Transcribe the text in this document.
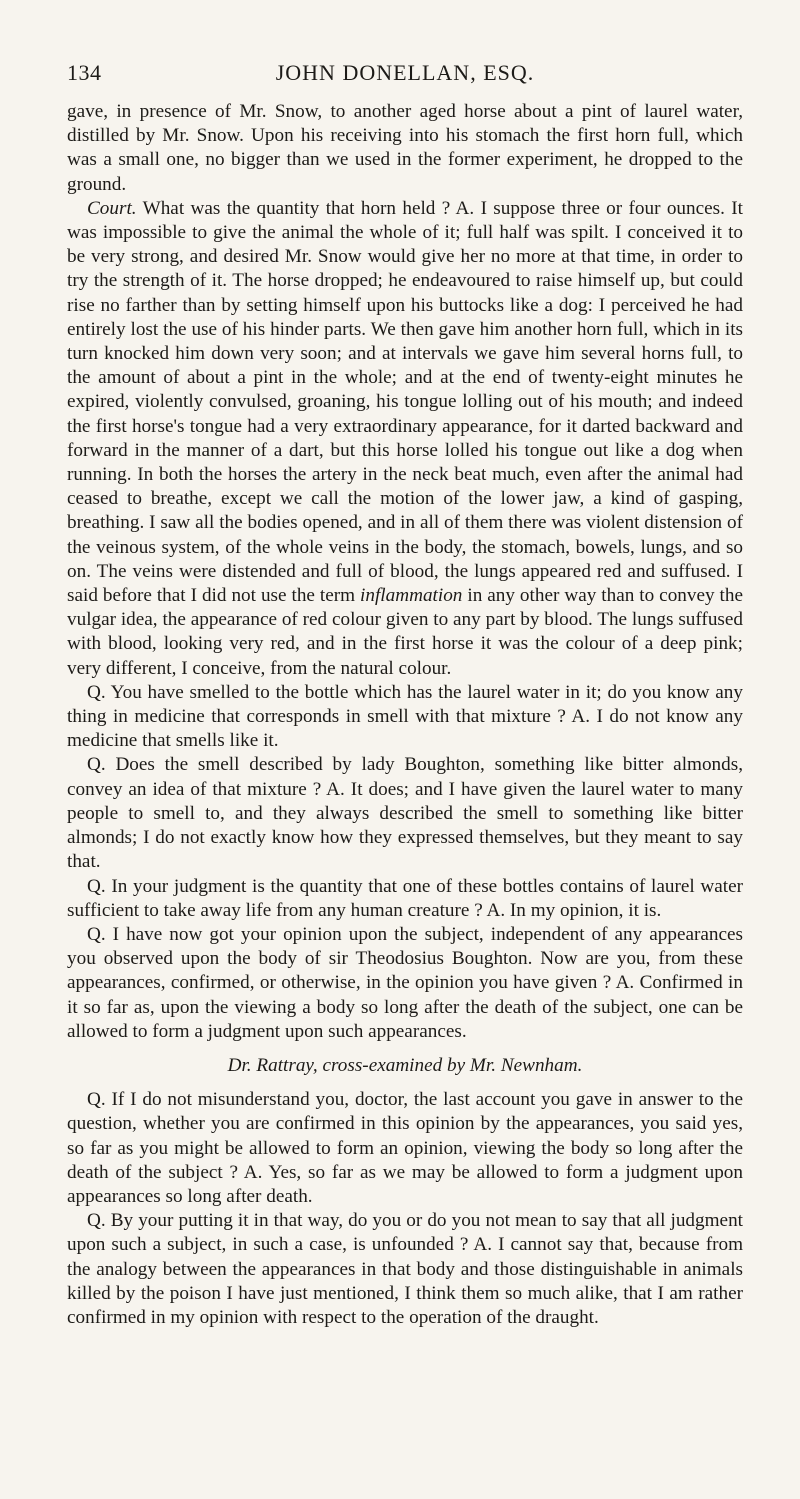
134	JOHN DONELLAN, ESQ.

gave, in presence of Mr. Snow, to another aged horse about a pint of laurel water, distilled by Mr. Snow. Upon his receiving into his stomach the first horn full, which was a small one, no bigger than we used in the former experiment, he dropped to the ground.

Court. What was the quantity that horn held ? A. I suppose three or four ounces. It was impossible to give the animal the whole of it; full half was spilt. I conceived it to be very strong, and desired Mr. Snow would give her no more at that time, in order to try the strength of it. The horse dropped; he endeavoured to raise himself up, but could rise no farther than by setting himself upon his buttocks like a dog: I perceived he had entirely lost the use of his hinder parts. We then gave him another horn full, which in its turn knocked him down very soon; and at intervals we gave him several horns full, to the amount of about a pint in the whole; and at the end of twenty-eight minutes he expired, violently convulsed, groaning, his tongue lolling out of his mouth; and indeed the first horse's tongue had a very extraordinary appearance, for it darted backward and forward in the manner of a dart, but this horse lolled his tongue out like a dog when running. In both the horses the artery in the neck beat much, even after the animal had ceased to breathe, except we call the motion of the lower jaw, a kind of gasping, breathing. I saw all the bodies opened, and in all of them there was violent distension of the veinous system, of the whole veins in the body, the stomach, bowels, lungs, and so on. The veins were distended and full of blood, the lungs appeared red and suffused. I said before that I did not use the term inflammation in any other way than to convey the vulgar idea, the appearance of red colour given to any part by blood. The lungs suffused with blood, looking very red, and in the first horse it was the colour of a deep pink; very different, I conceive, from the natural colour.

Q. You have smelled to the bottle which has the laurel water in it; do you know any thing in medicine that corresponds in smell with that mixture ? A. I do not know any medicine that smells like it.

Q. Does the smell described by lady Boughton, something like bitter almonds, convey an idea of that mixture ? A. It does; and I have given the laurel water to many people to smell to, and they always described the smell to something like bitter almonds; I do not exactly know how they expressed themselves, but they meant to say that.

Q. In your judgment is the quantity that one of these bottles contains of laurel water sufficient to take away life from any human creature ? A. In my opinion, it is.

Q. I have now got your opinion upon the subject, independent of any appearances you observed upon the body of sir Theodosius Boughton. Now are you, from these appearances, confirmed, or otherwise, in the opinion you have given ? A. Confirmed in it so far as, upon the viewing a body so long after the death of the subject, one can be allowed to form a judgment upon such appearances.

Dr. Rattray, cross-examined by Mr. Newnham.

Q. If I do not misunderstand you, doctor, the last account you gave in answer to the question, whether you are confirmed in this opinion by the appearances, you said yes, so far as you might be allowed to form an opinion, viewing the body so long after the death of the subject ? A. Yes, so far as we may be allowed to form a judgment upon appearances so long after death.

Q. By your putting it in that way, do you or do you not mean to say that all judgment upon such a subject, in such a case, is unfounded ? A. I cannot say that, because from the analogy between the appearances in that body and those distinguishable in animals killed by the poison I have just mentioned, I think them so much alike, that I am rather confirmed in my opinion with respect to the operation of the draught.
